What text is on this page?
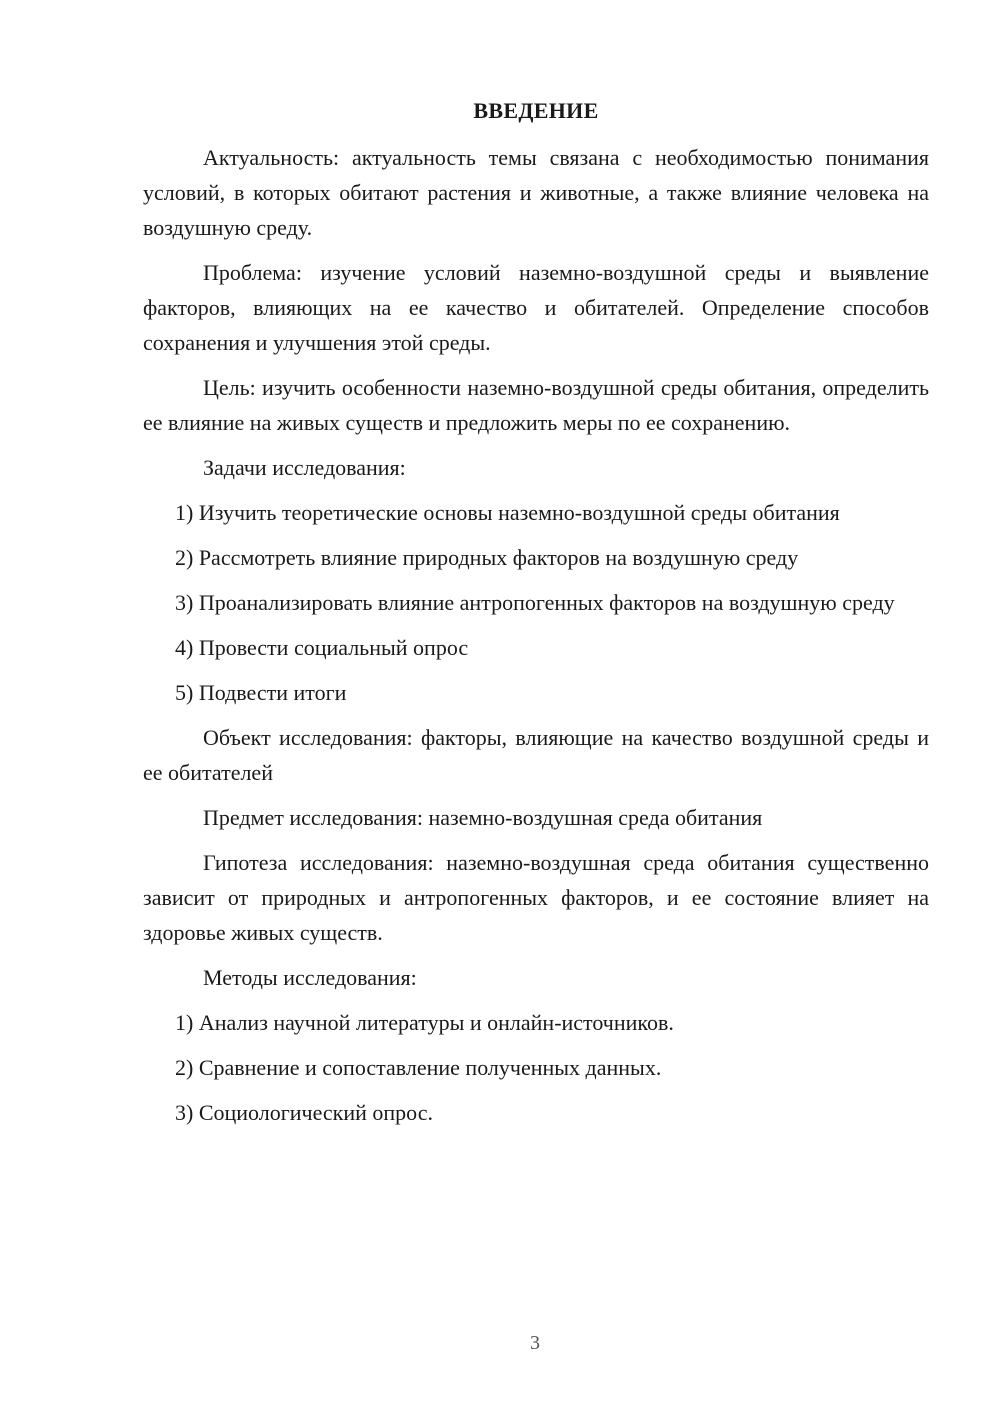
ВВЕДЕНИЕ

Актуальность: актуальность темы связана с необходимостью понимания условий, в которых обитают растения и животные, а также влияние человека на воздушную среду.

Проблема: изучение условий наземно-воздушной среды и выявление факторов, влияющих на ее качество и обитателей. Определение способов сохранения и улучшения этой среды.

Цель: изучить особенности наземно-воздушной среды обитания, определить ее влияние на живых существ и предложить меры по ее сохранению.

Задачи исследования:

1) Изучить теоретические основы наземно-воздушной среды обитания

2) Рассмотреть влияние природных факторов на воздушную среду

3) Проанализировать влияние антропогенных факторов на воздушную среду

4) Провести социальный опрос

5) Подвести итоги

Объект исследования: факторы, влияющие на качество воздушной среды и ее обитателей

Предмет исследования: наземно-воздушная среда обитания

Гипотеза исследования: наземно-воздушная среда обитания существенно зависит от природных и антропогенных факторов, и ее состояние влияет на здоровье живых существ.

Методы исследования:

1) Анализ научной литературы и онлайн-источников.

2) Сравнение и сопоставление полученных данных.

3) Социологический опрос.

3
